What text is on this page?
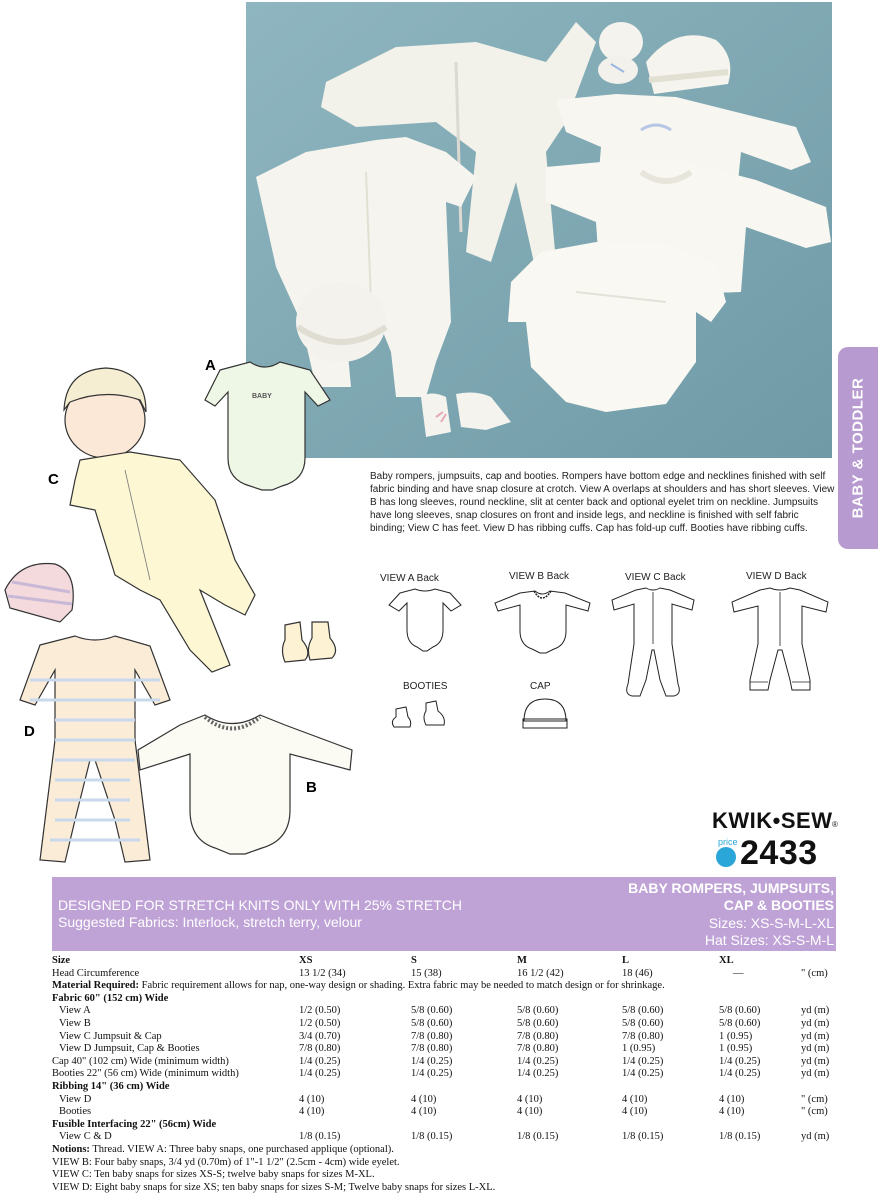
BABY & TODDLER
Baby rompers, jumpsuits, cap and booties. Rompers have bottom edge and necklines finished with self fabric binding and have snap closure at crotch. View A overlaps at shoulders and has short sleeves. View B has long sleeves, round neckline, slit at center back and optional eyelet trim on neckline. Jumpsuits have long sleeves, snap closures on front and inside legs, and neckline is finished with self fabric binding; View C has feet. View D has ribbing cuffs. Cap has fold-up cuff. Booties have ribbing cuffs.
VIEW A Back	VIEW B Back	VIEW C Back	VIEW D Back
BOOTIES	CAP
BABY
A
B
C
D
KWIK•SEW ®
price 2433
DESIGNED FOR STRETCH KNITS ONLY WITH 25% STRETCH
Suggested Fabrics: Interlock, stretch terry, velour
BABY ROMPERS, JUMPSUITS,
CAP & BOOTIES
Sizes: XS-S-M-L-XL
Hat Sizes: XS-S-M-L
Size	XS	S	M	L	XL
Head Circumference	13 1/2 (34)	15 (38)	16 1/2 (42)	18 (46)	—	" (cm)
Material Required: Fabric requirement allows for nap, one-way design or shading. Extra fabric may be needed to match design or for shrinkage.
Fabric 60" (152 cm) Wide
View A	1/2 (0.50)	5/8 (0.60)	5/8 (0.60)	5/8 (0.60)	5/8 (0.60)	yd (m)
View B	1/2 (0.50)	5/8 (0.60)	5/8 (0.60)	5/8 (0.60)	5/8 (0.60)	yd (m)
View C Jumpsuit & Cap	3/4 (0.70)	7/8 (0.80)	7/8 (0.80)	7/8 (0.80)	1 (0.95)	yd (m)
View D Jumpsuit, Cap & Booties	7/8 (0.80)	7/8 (0.80)	7/8 (0.80)	1 (0.95)	1 (0.95)	yd (m)
Cap 40" (102 cm) Wide (minimum width)	1/4 (0.25)	1/4 (0.25)	1/4 (0.25)	1/4 (0.25)	1/4 (0.25)	yd (m)
Booties 22" (56 cm) Wide (minimum width)	1/4 (0.25)	1/4 (0.25)	1/4 (0.25)	1/4 (0.25)	1/4 (0.25)	yd (m)
Ribbing 14" (36 cm) Wide
View D	4 (10)	4 (10)	4 (10)	4 (10)	4 (10)	" (cm)
Booties	4 (10)	4 (10)	4 (10)	4 (10)	4 (10)	" (cm)
Fusible Interfacing 22" (56cm) Wide
View C & D	1/8 (0.15)	1/8 (0.15)	1/8 (0.15)	1/8 (0.15)	1/8 (0.15)	yd (m)
Notions: Thread. VIEW A: Three baby snaps, one purchased applique (optional).
VIEW B: Four baby snaps, 3/4 yd (0.70m) of 1"-1 1/2" (2.5cm - 4cm) wide eyelet.
VIEW C: Ten baby snaps for sizes XS-S; twelve baby snaps for sizes M-XL.
VIEW D: Eight baby snaps for size XS; ten baby snaps for sizes S-M; Twelve baby snaps for sizes L-XL.
